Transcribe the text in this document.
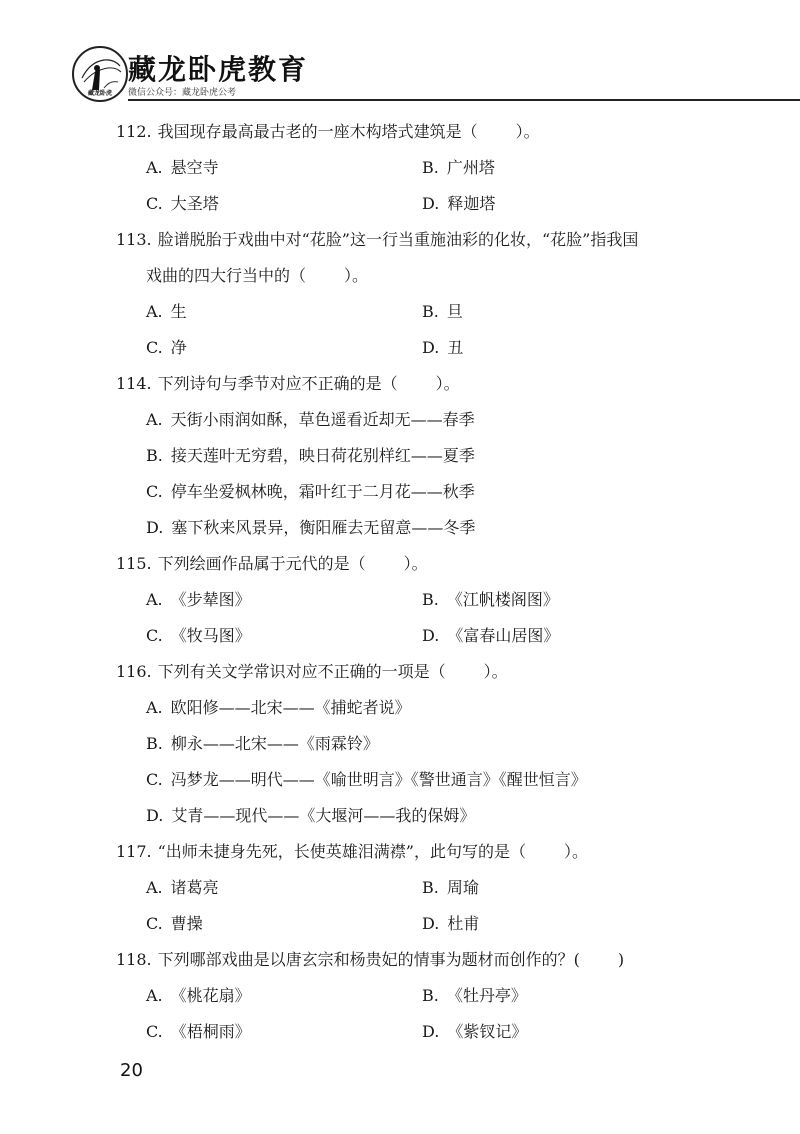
藏龙卧虎
藏龙卧虎教育
微信公众号：藏龙卧虎公考
112. 我国现存最高最古老的一座木构塔式建筑是（ ）。
A. 悬空寺	B. 广州塔
C. 大圣塔	D. 释迦塔
113. 脸谱脱胎于戏曲中对“花脸”这一行当重施油彩的化妆，“花脸”指我国
戏曲的四大行当中的（ ）。
A. 生	B. 旦
C. 净	D. 丑
114. 下列诗句与季节对应不正确的是（ ）。
A. 天街小雨润如酥，草色遥看近却无——春季
B. 接天莲叶无穷碧，映日荷花别样红——夏季
C. 停车坐爱枫林晚，霜叶红于二月花——秋季
D. 塞下秋来风景异，衡阳雁去无留意——冬季
115. 下列绘画作品属于元代的是（ ）。
A. 《步辇图》	B. 《江帆楼阁图》
C. 《牧马图》	D. 《富春山居图》
116. 下列有关文学常识对应不正确的一项是（ ）。
A. 欧阳修——北宋——《捕蛇者说》
B. 柳永——北宋——《雨霖铃》
C. 冯梦龙——明代——《喻世明言》《警世通言》《醒世恒言》
D. 艾青——现代——《大堰河——我的保姆》
117. “出师未捷身先死，长使英雄泪满襟”，此句写的是（ ）。
A. 诸葛亮	B. 周瑜
C. 曹操	D. 杜甫
118. 下列哪部戏曲是以唐玄宗和杨贵妃的情事为题材而创作的？( )
A. 《桃花扇》	B. 《牡丹亭》
C. 《梧桐雨》	D. 《紫钗记》
20
